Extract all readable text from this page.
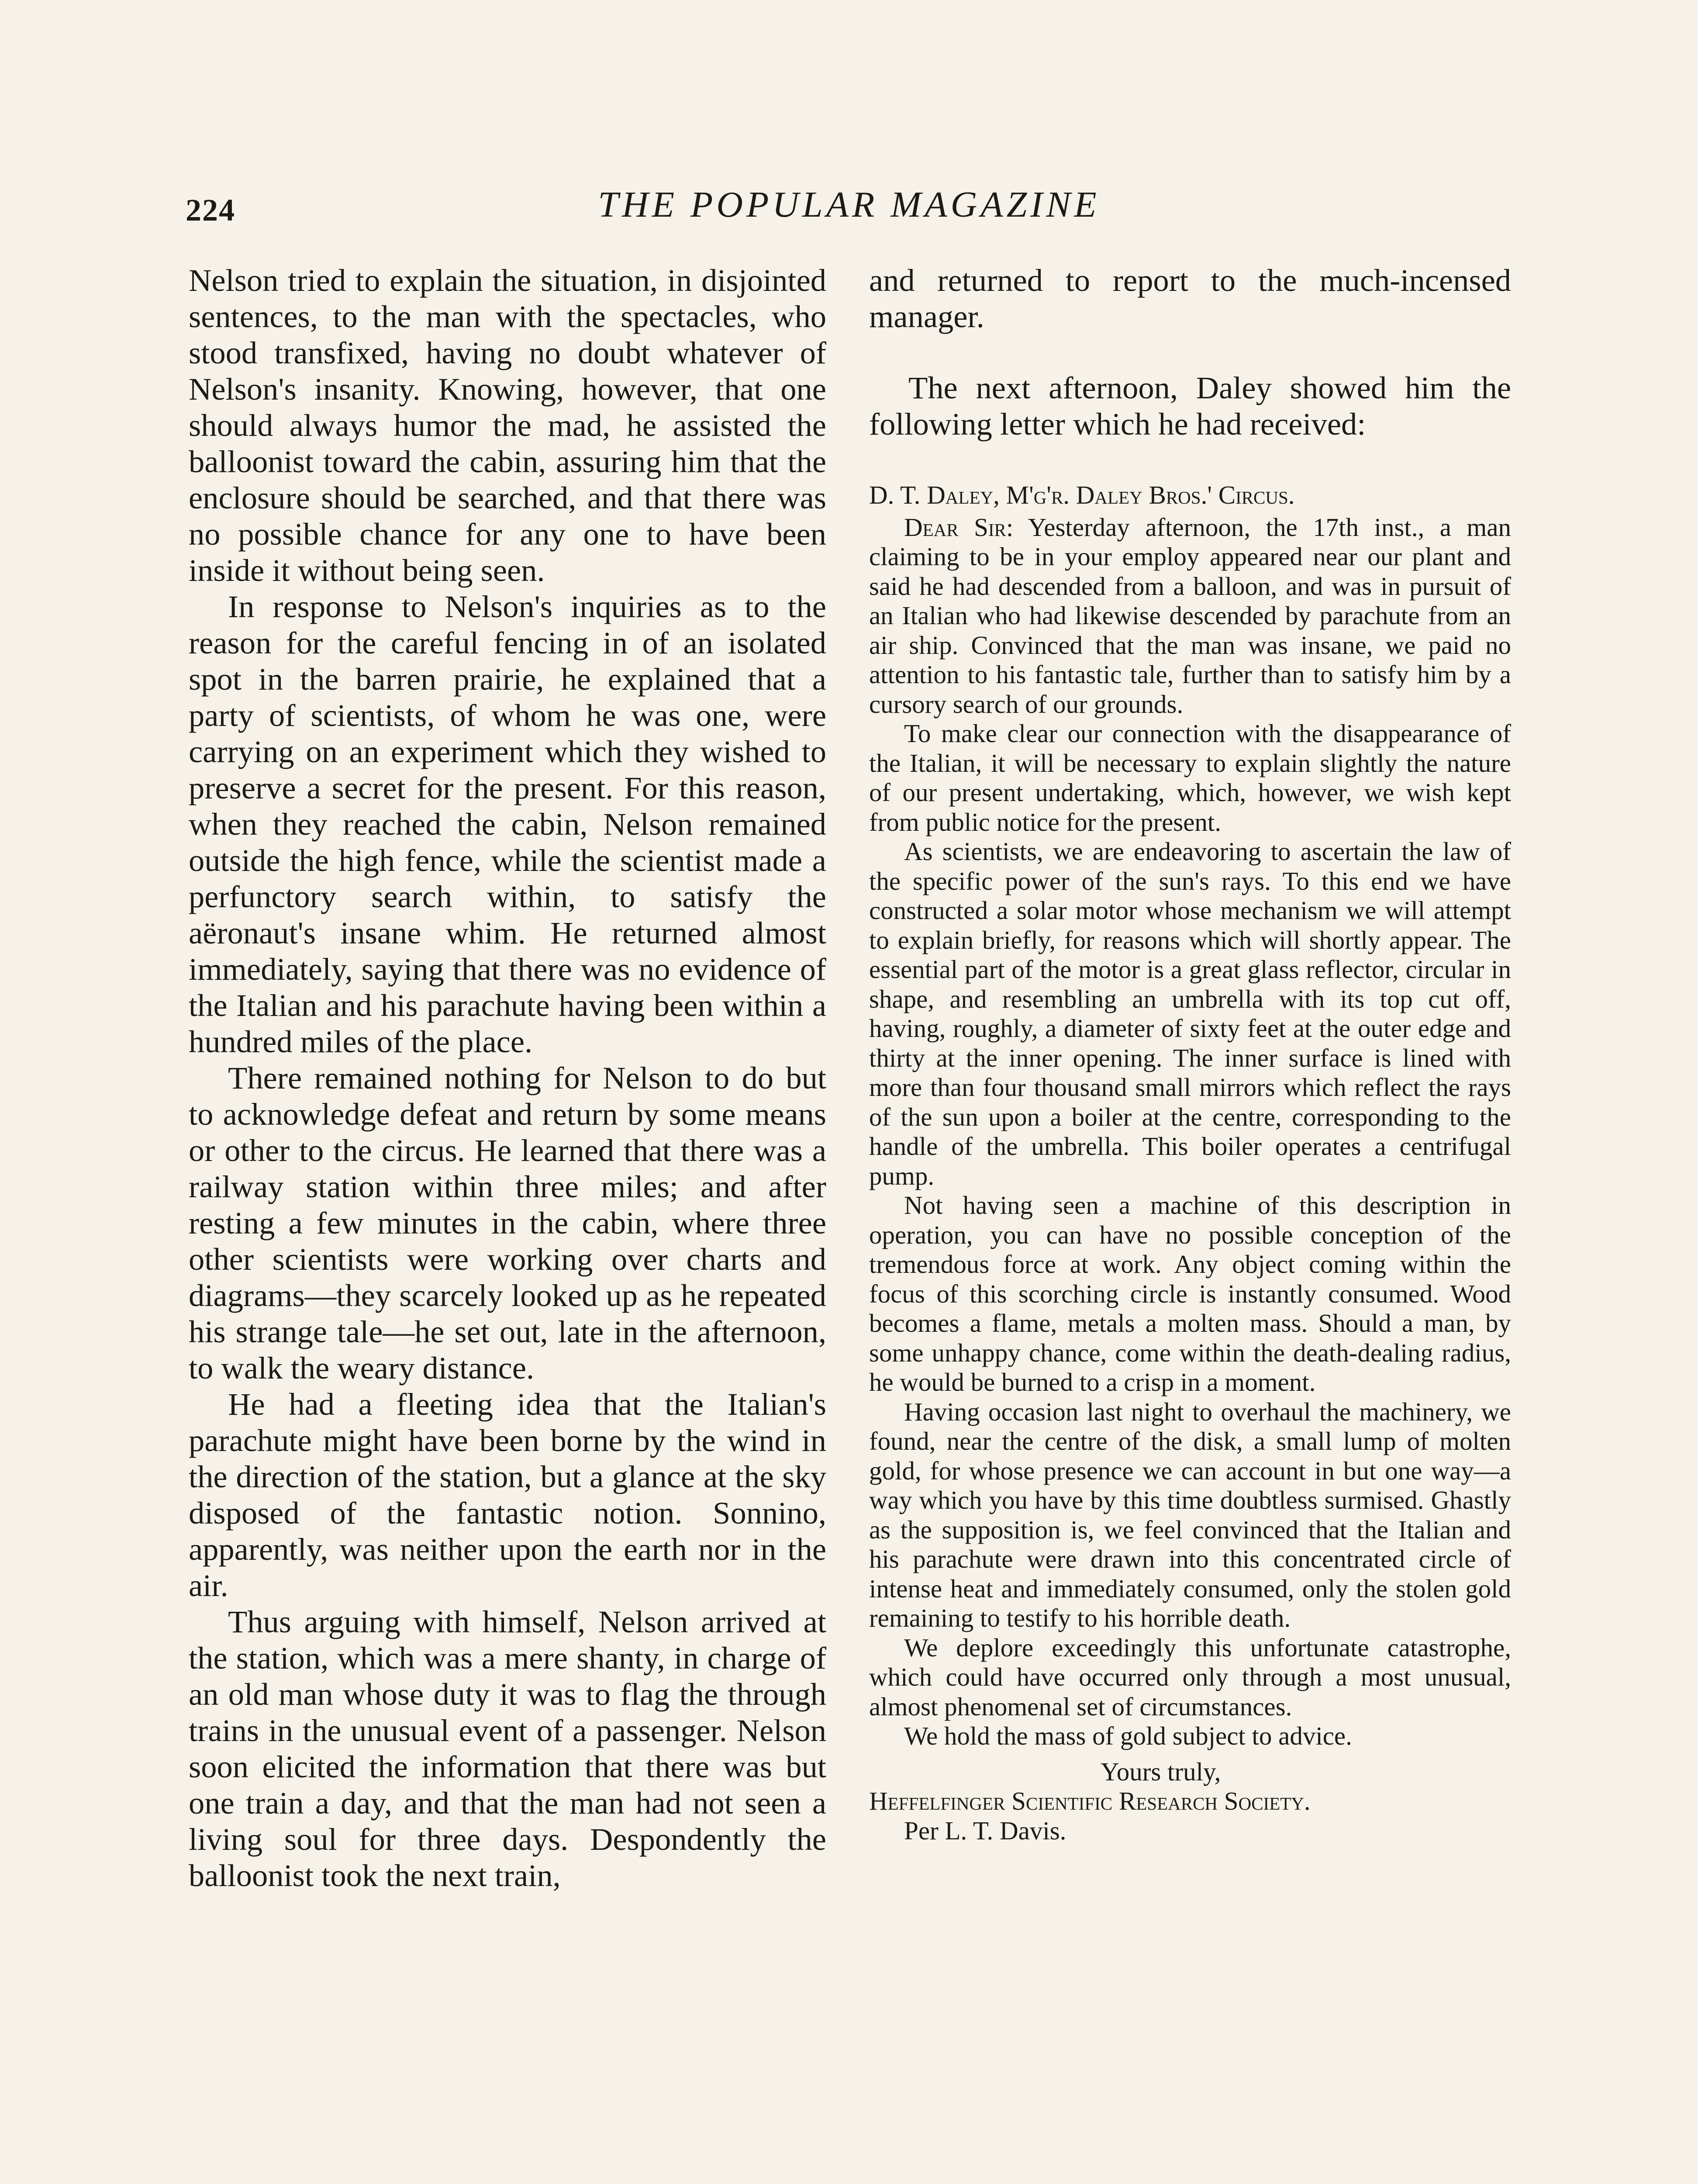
224	THE POPULAR MAGAZINE

Nelson tried to explain the situation, in disjointed sentences, to the man with the spectacles, who stood transfixed, having no doubt whatever of Nelson's insanity. Knowing, however, that one should always humor the mad, he assisted the balloonist toward the cabin, assuring him that the enclosure should be searched, and that there was no possible chance for any one to have been inside it without being seen.

In response to Nelson's inquiries as to the reason for the careful fencing in of an isolated spot in the barren prairie, he explained that a party of scientists, of whom he was one, were carrying on an experiment which they wished to preserve a secret for the present. For this reason, when they reached the cabin, Nelson remained outside the high fence, while the scientist made a perfunctory search within, to satisfy the aëronaut's insane whim. He returned almost immediately, saying that there was no evidence of the Italian and his parachute having been within a hundred miles of the place.

There remained nothing for Nelson to do but to acknowledge defeat and return by some means or other to the circus. He learned that there was a railway station within three miles; and after resting a few minutes in the cabin, where three other scientists were working over charts and diagrams—they scarcely looked up as he repeated his strange tale—he set out, late in the afternoon, to walk the weary distance.

He had a fleeting idea that the Italian's parachute might have been borne by the wind in the direction of the station, but a glance at the sky disposed of the fantastic notion. Sonnino, apparently, was neither upon the earth nor in the air.

Thus arguing with himself, Nelson arrived at the station, which was a mere shanty, in charge of an old man whose duty it was to flag the through trains in the unusual event of a passenger. Nelson soon elicited the information that there was but one train a day, and that the man had not seen a living soul for three days. Despondently the balloonist took the next train,

and returned to report to the much-incensed manager.

The next afternoon, Daley showed him the following letter which he had received:

D. T. Daley, M'g'r. Daley Bros.' Circus.

Dear Sir: Yesterday afternoon, the 17th inst., a man claiming to be in your employ appeared near our plant and said he had descended from a balloon, and was in pursuit of an Italian who had likewise descended by parachute from an air ship. Convinced that the man was insane, we paid no attention to his fantastic tale, further than to satisfy him by a cursory search of our grounds.

To make clear our connection with the disappearance of the Italian, it will be necessary to explain slightly the nature of our present undertaking, which, however, we wish kept from public notice for the present.

As scientists, we are endeavoring to ascertain the law of the specific power of the sun's rays. To this end we have constructed a solar motor whose mechanism we will attempt to explain briefly, for reasons which will shortly appear. The essential part of the motor is a great glass reflector, circular in shape, and resembling an umbrella with its top cut off, having, roughly, a diameter of sixty feet at the outer edge and thirty at the inner opening. The inner surface is lined with more than four thousand small mirrors which reflect the rays of the sun upon a boiler at the centre, corresponding to the handle of the umbrella. This boiler operates a centrifugal pump.

Not having seen a machine of this description in operation, you can have no possible conception of the tremendous force at work. Any object coming within the focus of this scorching circle is instantly consumed. Wood becomes a flame, metals a molten mass. Should a man, by some unhappy chance, come within the death-dealing radius, he would be burned to a crisp in a moment.

Having occasion last night to overhaul the machinery, we found, near the centre of the disk, a small lump of molten gold, for whose presence we can account in but one way—a way which you have by this time doubtless surmised. Ghastly as the supposition is, we feel convinced that the Italian and his parachute were drawn into this concentrated circle of intense heat and immediately consumed, only the stolen gold remaining to testify to his horrible death.

We deplore exceedingly this unfortunate catastrophe, which could have occurred only through a most unusual, almost phenomenal set of circumstances.

We hold the mass of gold subject to advice.

Yours truly,

Heffelfinger Scientific Research Society.

Per L. T. Davis.
